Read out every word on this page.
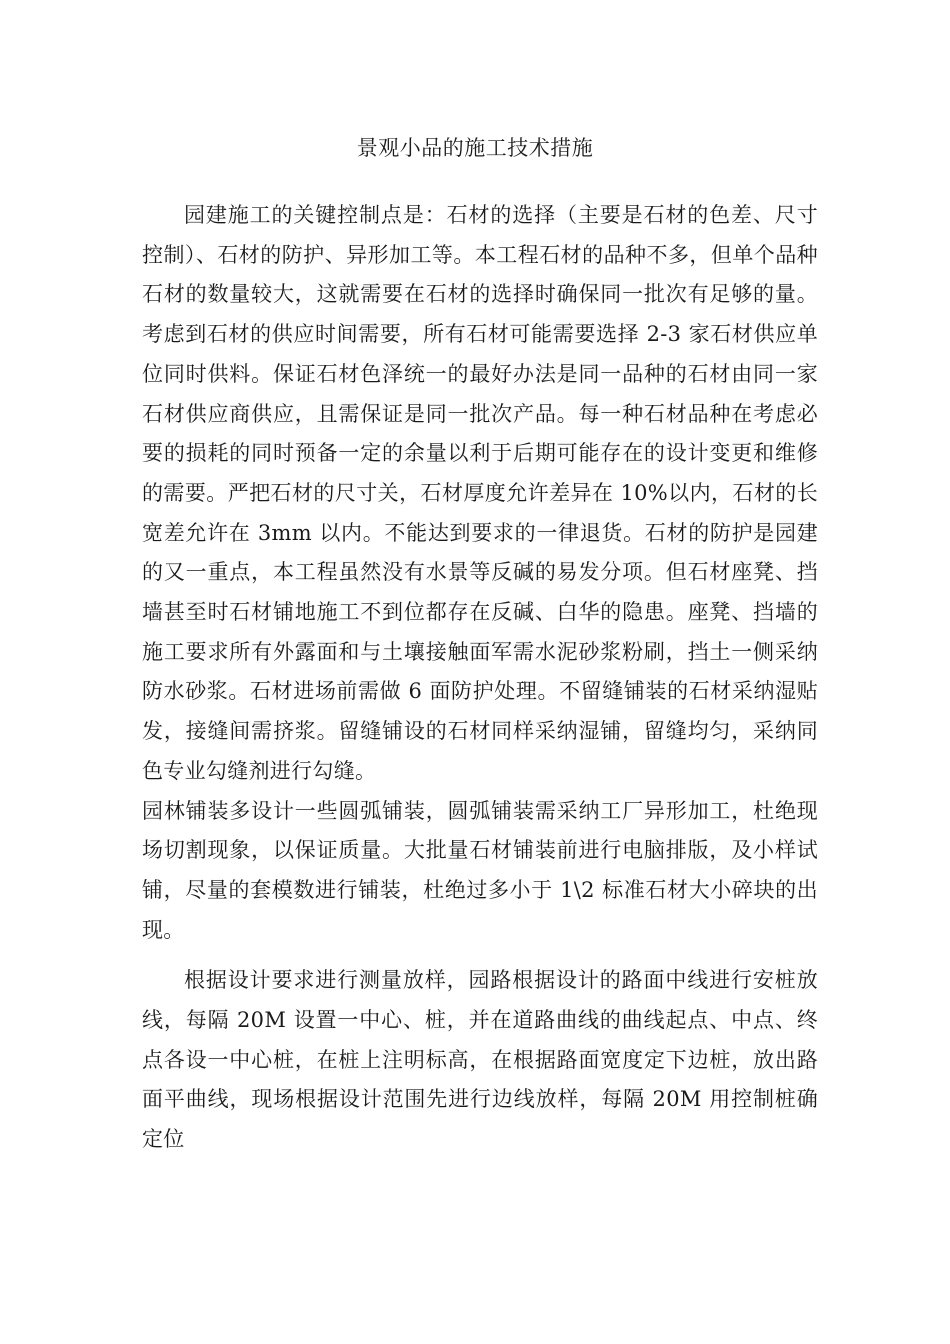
景观小品的施工技术措施

园建施工的关键控制点是：石材的选择（主要是石材的色差、尺寸控制）、石材的防护、异形加工等。本工程石材的品种不多，但单个品种石材的数量较大，这就需要在石材的选择时确保同一批次有足够的量。考虑到石材的供应时间需要，所有石材可能需要选择 2-3 家石材供应单位同时供料。保证石材色泽统一的最好办法是同一品种的石材由同一家石材供应商供应，且需保证是同一批次产品。每一种石材品种在考虑必要的损耗的同时预备一定的余量以利于后期可能存在的设计变更和维修的需要。严把石材的尺寸关，石材厚度允许差异在 10%以内，石材的长宽差允许在 3mm 以内。不能达到要求的一律退货。石材的防护是园建的又一重点，本工程虽然没有水景等反碱的易发分项。但石材座凳、挡墙甚至时石材铺地施工不到位都存在反碱、白华的隐患。座凳、挡墙的施工要求所有外露面和与土壤接触面军需水泥砂浆粉刷，挡土一侧采纳防水砂浆。石材进场前需做 6 面防护处理。不留缝铺装的石材采纳湿贴发，接缝间需挤浆。留缝铺设的石材同样采纳湿铺，留缝均匀，采纳同色专业勾缝剂进行勾缝。

园林铺装多设计一些圆弧铺装，圆弧铺装需采纳工厂异形加工，杜绝现场切割现象，以保证质量。大批量石材铺装前进行电脑排版，及小样试铺，尽量的套模数进行铺装，杜绝过多小于 1\2 标准石材大小碎块的出现。

根据设计要求进行测量放样，园路根据设计的路面中线进行安桩放线，每隔 20M 设置一中心、桩，并在道路曲线的曲线起点、中点、终点各设一中心桩，在桩上注明标高，在根据路面宽度定下边桩，放出路面平曲线，现场根据设计范围先进行边线放样，每隔 20M 用控制桩确定位
